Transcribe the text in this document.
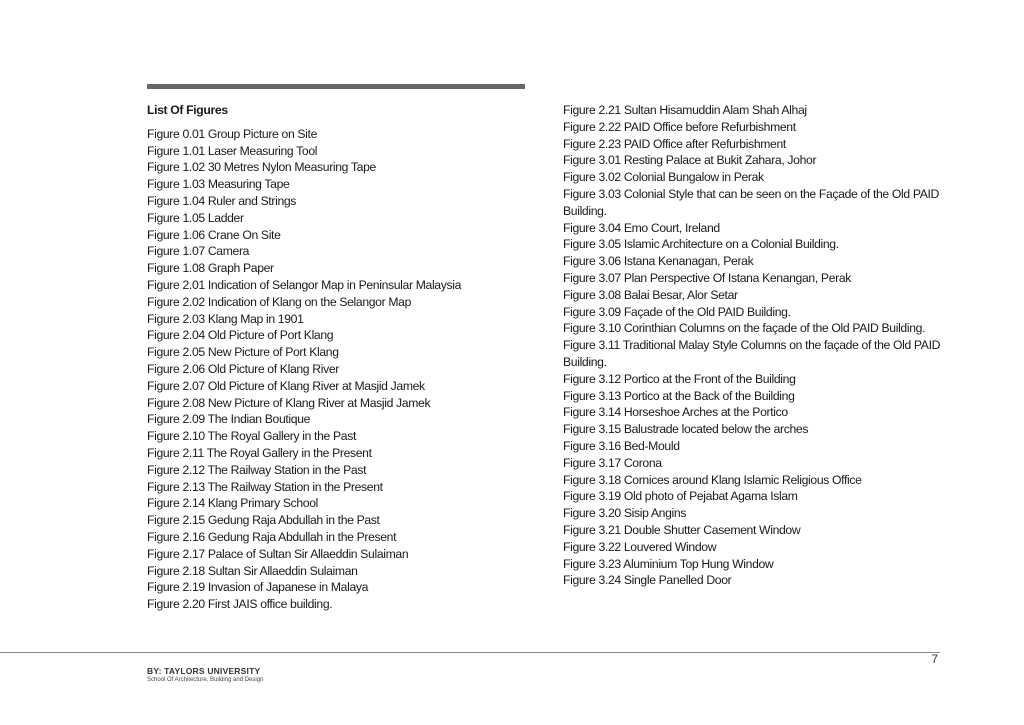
List Of Figures
Figure 0.01 Group Picture on Site
Figure 1.01 Laser Measuring Tool
Figure 1.02 30 Metres Nylon Measuring Tape
Figure 1.03 Measuring Tape
Figure 1.04 Ruler and Strings
Figure 1.05 Ladder
Figure 1.06 Crane On Site
Figure 1.07 Camera
Figure 1.08 Graph Paper
Figure 2.01 Indication of Selangor Map in Peninsular Malaysia
Figure 2.02 Indication of Klang on the Selangor Map
Figure 2.03 Klang Map in 1901
Figure 2.04 Old Picture of Port Klang
Figure 2.05 New Picture of Port Klang
Figure 2.06 Old Picture of Klang River
Figure 2.07 Old Picture of Klang River at Masjid Jamek
Figure 2.08 New Picture of Klang River at Masjid Jamek
Figure 2.09 The Indian Boutique
Figure 2.10 The Royal Gallery in the Past
Figure 2.11 The Royal Gallery in the Present
Figure 2.12 The Railway Station in the Past
Figure 2.13 The Railway Station in the Present
Figure 2.14 Klang Primary School
Figure 2.15 Gedung Raja Abdullah in the Past
Figure 2.16 Gedung Raja Abdullah in the Present
Figure 2.17 Palace of Sultan Sir Allaeddin Sulaiman
Figure 2.18 Sultan Sir Allaeddin Sulaiman
Figure 2.19 Invasion of Japanese in Malaya
Figure 2.20 First JAIS office building.
Figure 2.21 Sultan Hisamuddin Alam Shah Alhaj
Figure 2.22 PAID Office before Refurbishment
Figure 2.23 PAID Office after Refurbishment
Figure 3.01 Resting Palace at Bukit Zahara, Johor
Figure 3.02 Colonial Bungalow in Perak
Figure 3.03 Colonial Style that can be seen on the Façade of the Old PAID Building.
Figure 3.04 Emo Court, Ireland
Figure 3.05 Islamic Architecture on a Colonial Building.
Figure 3.06 Istana Kenanagan, Perak
Figure 3.07 Plan Perspective Of Istana Kenangan, Perak
Figure 3.08 Balai Besar, Alor Setar
Figure 3.09 Façade of the Old PAID Building.
Figure 3.10 Corinthian Columns on the façade of the Old PAID Building.
Figure 3.11 Traditional Malay Style Columns on the façade of the Old PAID Building.
Figure 3.12 Portico at the Front of the Building
Figure 3.13 Portico at the Back of the Building
Figure 3.14 Horseshoe Arches at the Portico
Figure 3.15 Balustrade located below the arches
Figure 3.16 Bed-Mould
Figure 3.17 Corona
Figure 3.18 Cornices around Klang Islamic Religious Office
Figure 3.19 Old photo of Pejabat Agama Islam
Figure 3.20 Sisip Angins
Figure 3.21 Double Shutter Casement Window
Figure 3.22 Louvered Window
Figure 3.23 Aluminium Top Hung Window
Figure 3.24 Single Panelled Door
7
BY: TAYLORS UNIVERSITY
School Of Architecture, Building and Design
